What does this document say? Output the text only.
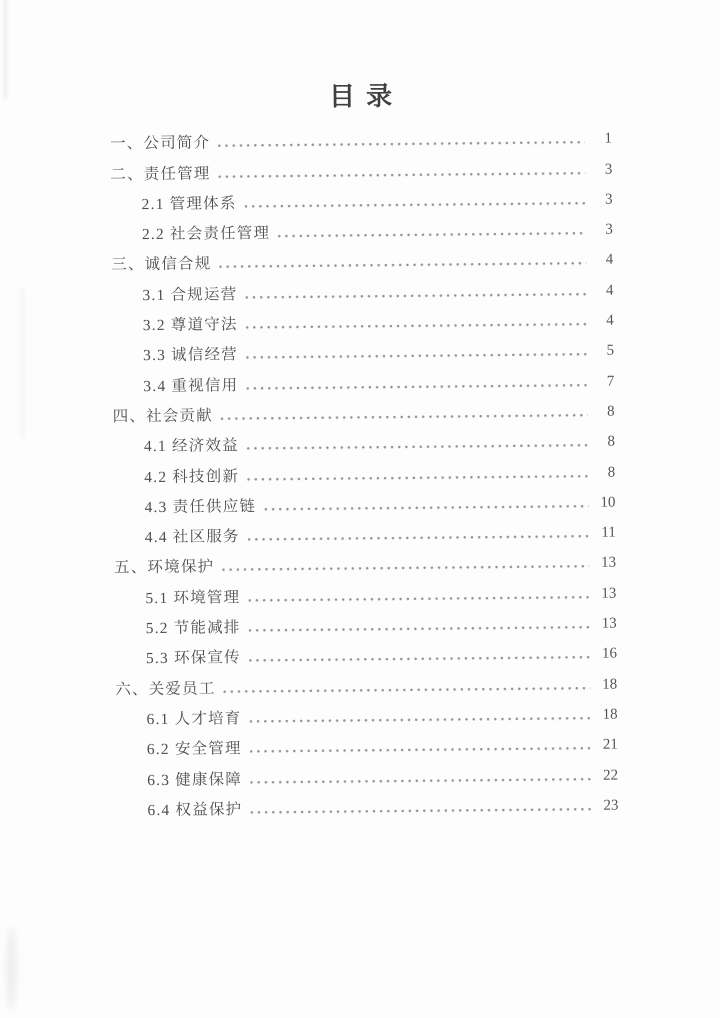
目录
一、公司简介	1
二、责任管理	3
2.1 管理体系	3
2.2 社会责任管理	3
三、诚信合规	4
3.1 合规运营	4
3.2 尊道守法	4
3.3 诚信经营	5
3.4 重视信用	7
四、社会贡献	8
4.1 经济效益	8
4.2 科技创新	8
4.3 责任供应链	10
4.4 社区服务	11
五、环境保护	13
5.1 环境管理	13
5.2 节能减排	13
5.3 环保宣传	16
六、关爱员工	18
6.1 人才培育	18
6.2 安全管理	21
6.3 健康保障	22
6.4 权益保护	23
